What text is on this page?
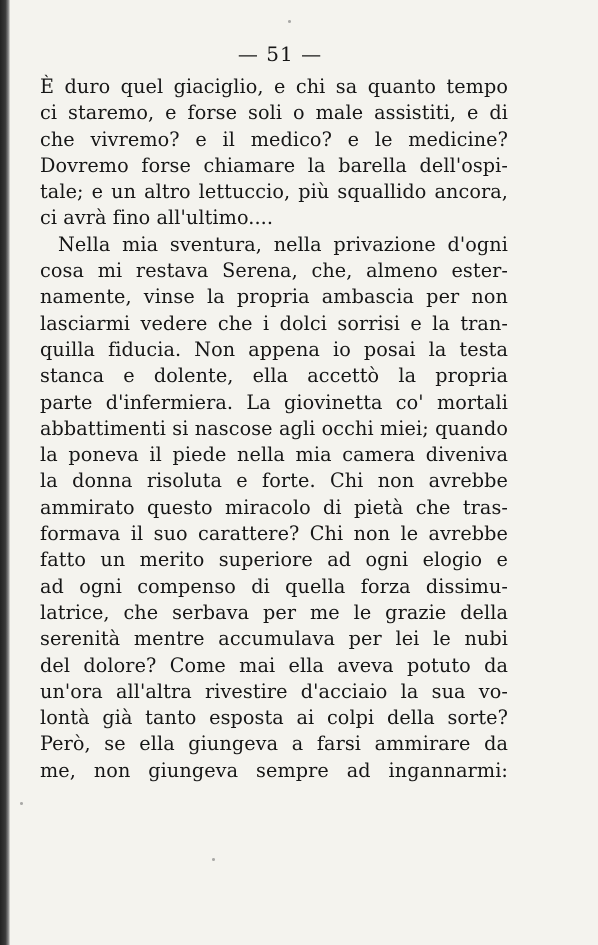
— 51 —
È duro quel giaciglio, e chi sa quanto tempo
ci staremo, e forse soli o male assistiti, e di
che vivremo? e il medico? e le medicine?
Dovremo forse chiamare la barella dell'ospi-
tale; e un altro lettuccio, più squallido ancora,
ci avrà fino all'ultimo....
Nella mia sventura, nella privazione d'ogni
cosa mi restava Serena, che, almeno ester-
namente, vinse la propria ambascia per non
lasciarmi vedere che i dolci sorrisi e la tran-
quilla fiducia. Non appena io posai la testa
stanca e dolente, ella accettò la propria
parte d'infermiera. La giovinetta co' mortali
abbattimenti si nascose agli occhi miei; quando
la poneva il piede nella mia camera diveniva
la donna risoluta e forte. Chi non avrebbe
ammirato questo miracolo di pietà che tras-
formava il suo carattere? Chi non le avrebbe
fatto un merito superiore ad ogni elogio e
ad ogni compenso di quella forza dissimu-
latrice, che serbava per me le grazie della
serenità mentre accumulava per lei le nubi
del dolore? Come mai ella aveva potuto da
un'ora all'altra rivestire d'acciaio la sua vo-
lontà già tanto esposta ai colpi della sorte?
Però, se ella giungeva a farsi ammirare da
me, non giungeva sempre ad ingannarmi:
